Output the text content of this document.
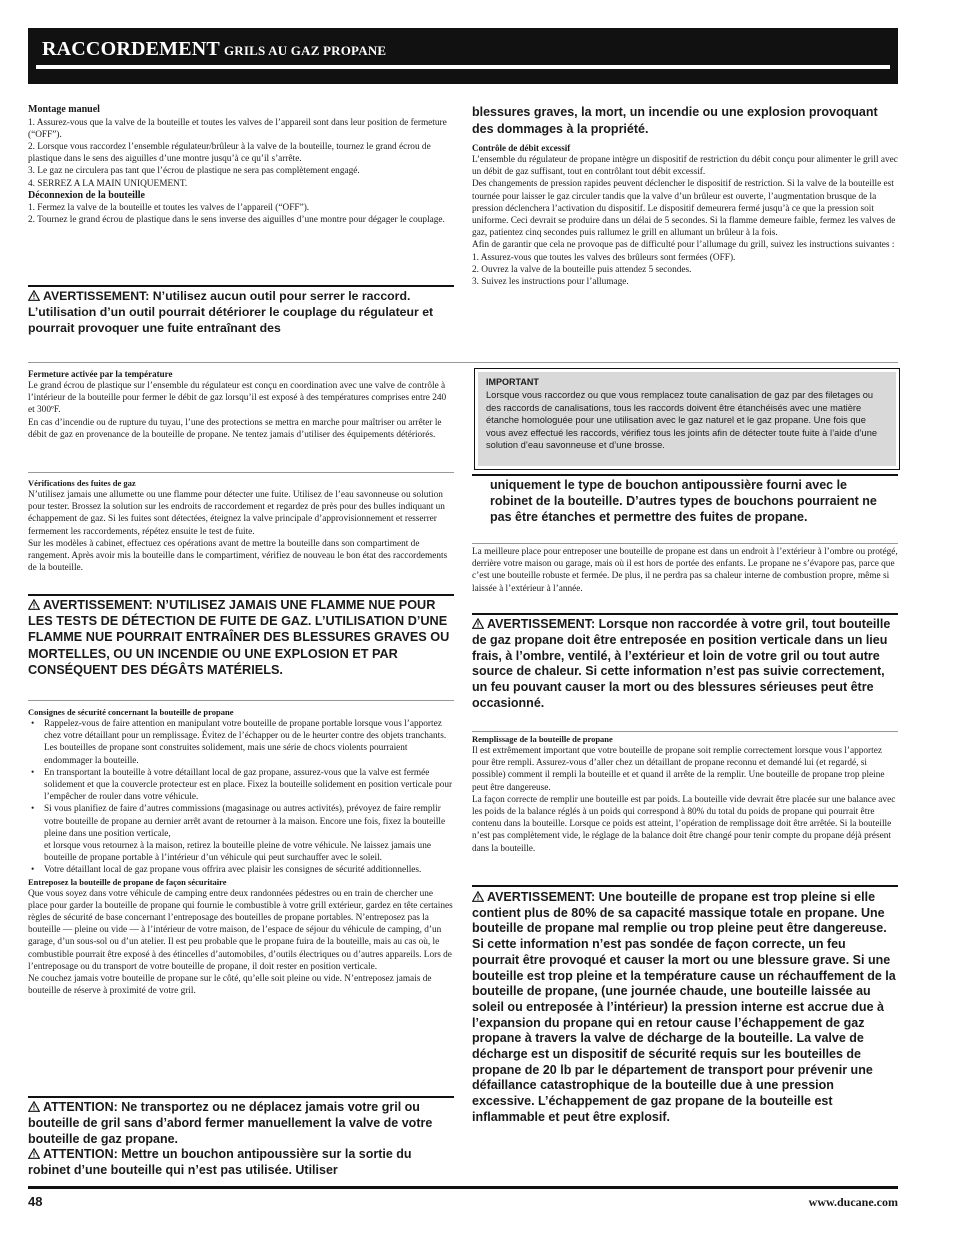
RACCORDEMENT GRILS AU GAZ PROPANE

Montage manuel

1. Assurez-vous que la valve de la bouteille et toutes les valves de l’appareil sont dans leur position de fermeture (“OFF”).

2. Lorsque vous raccordez l’ensemble régulateur/brûleur à la valve de la bouteille, tournez le grand écrou de plastique dans le sens des aiguilles d’une montre jusqu’à ce qu’il s’arrête.

3. Le gaz ne circulera pas tant que l’écrou de plastique ne sera pas complètement engagé.

4. SERREZ A LA MAIN UNIQUEMENT.

Déconnexion de la bouteille

1. Fermez la valve de la bouteille et toutes les valves de l’appareil (“OFF”).

2. Tournez le grand écrou de plastique dans le sens inverse des aiguilles d’une montre pour dégager le couplage.

AVERTISSEMENT: N’utilisez aucun outil pour serrer le raccord. L’utilisation d’un outil pourrait détériorer le couplage du régulateur et pourrait provoquer une fuite entraînant des

blessures graves, la mort, un incendie ou une explosion provoquant des dommages à la propriété.

Contrôle de débit excessif

L’ensemble du régulateur de propane intègre un dispositif de restriction du débit conçu pour alimenter le grill avec un débit de gaz suffisant, tout en contrôlant tout débit excessif.

Des changements de pression rapides peuvent déclencher le dispositif de restriction. Si la valve de la bouteille est tournée pour laisser le gaz circuler tandis que la valve d’un brûleur est ouverte, l’augmentation brusque de la pression déclenchera l’activation du dispositif. Le dispositif demeurera fermé jusqu’à ce que la pression soit uniforme. Ceci devrait se produire dans un délai de 5 secondes. Si la flamme demeure faible, fermez les valves de gaz, patientez cinq secondes puis rallumez le grill en allumant un brûleur à la fois.

Afin de garantir que cela ne provoque pas de difficulté pour l’allumage du grill, suivez les instructions suivantes :

1. Assurez-vous que toutes les valves des brûleurs sont fermées (OFF).

2. Ouvrez la valve de la bouteille puis attendez 5 secondes.

3. Suivez les instructions pour l’allumage.

Fermeture activée par la température

Le grand écrou de plastique sur l’ensemble du régulateur est conçu en coordination avec une valve de contrôle à l’intérieur de la bouteille pour fermer le débit de gaz lorsqu’il est exposé à des températures comprises entre 240 et 300ºF.

En cas d’incendie ou de rupture du tuyau, l’une des protections se mettra en marche pour maîtriser ou arrêter le débit de gaz en provenance de la bouteille de propane. Ne tentez jamais d’utiliser des équipements détériorés.

IMPORTANT

Lorsque vous raccordez ou que vous remplacez toute canalisation de gaz par des filetages ou des raccords de canalisations, tous les raccords doivent être étanchéisés avec une matière étanche homologuée pour une utilisation avec le gaz naturel et le gaz propane. Une fois que vous avez effectué les raccords, vérifiez tous les joints afin de détecter toute fuite à l’aide d’une solution d’eau savonneuse et d’une brosse.

Vérifications des fuites de gaz

N’utilisez jamais une allumette ou une flamme pour détecter une fuite. Utilisez de l’eau savonneuse ou solution pour tester. Brossez la solution sur les endroits de raccordement et regardez de près pour des bulles indiquant un échappement de gaz. Si les fuites sont détectées, éteignez la valve principale d’approvisionnement et resserrer fermement les raccordements, répétez ensuite le test de fuite.

Sur les modèles à cabinet, effectuez ces opérations avant de mettre la bouteille dans son compartiment de rangement. Après avoir mis la bouteille dans le compartiment, vérifiez de nouveau le bon état des raccordements de la bouteille.

uniquement le type de bouchon antipoussière fourni avec le robinet de la bouteille. D’autres types de bouchons pourraient ne pas être étanches et permettre des fuites de propane.

La meilleure place pour entreposer une bouteille de propane est dans un endroit à l’extérieur à l’ombre ou protégé, derrière votre maison ou garage, mais où il est hors de portée des enfants. Le propane ne s’évapore pas, parce que c’est une bouteille robuste et fermée. De plus, il ne perdra pas sa chaleur interne de combustion propre, même si laissée à l’extérieur à l’année.

AVERTISSEMENT: N’UTILISEZ JAMAIS UNE FLAMME NUE POUR LES TESTS DE DÉTECTION DE FUITE DE GAZ. L’UTILISATION D’UNE FLAMME NUE POURRAIT ENTRAÎNER DES BLESSURES GRAVES OU MORTELLES, OU UN INCENDIE OU UNE EXPLOSION ET PAR CONSÉQUENT DES DÉGÂTS MATÉRIELS.

AVERTISSEMENT: Lorsque non raccordée à votre gril, tout bouteille de gaz propane doit être entreposée en position verticale dans un lieu frais, à l’ombre, ventilé, à l’extérieur et loin de votre gril ou tout autre source de chaleur. Si cette information n’est pas suivie correctement, un feu pouvant causer la mort ou des blessures sérieuses peut être occasionné.

Consignes de sécurité concernant la bouteille de propane

• Rappelez-vous de faire attention en manipulant votre bouteille de propane portable lorsque vous l’apportez chez votre détaillant pour un remplissage. Évitez de l’échapper ou de le heurter contre des objets tranchants. Les bouteilles de propane sont construites solidement, mais une série de chocs violents pourraient endommager la bouteille.
• En transportant la bouteille à votre détaillant local de gaz propane, assurez-vous que la valve est fermée solidement et que la couvercle protecteur est en place. Fixez la bouteille solidement en position verticale pour l’empêcher de rouler dans votre véhicule.
• Si vous planifiez de faire d’autres commissions (magasinage ou autres activités), prévoyez de faire remplir votre bouteille de propane au dernier arrêt avant de retourner à la maison. Encore une fois, fixez la bouteille pleine dans une position verticale,
et lorsque vous retournez à la maison, retirez la bouteille pleine de votre véhicule. Ne laissez jamais une bouteille de propane portable à l’intérieur d’un véhicule qui peut surchauffer avec le soleil.
• Votre détaillant local de gaz propane vous offrira avec plaisir les consignes de sécurité additionnelles.

Entreposez la bouteille de propane de façon sécuritaire

Que vous soyez dans votre véhicule de camping entre deux randonnées pédestres ou en train de chercher une place pour garder la bouteille de propane qui fournie le combustible à votre grill extérieur, gardez en tête certaines règles de sécurité de base concernant l’entreposage des bouteilles de propane portables. N’entreposez pas la bouteille — pleine ou vide — à l’intérieur de votre maison, de l’espace de séjour du véhicule de camping, d’un garage, d’un sous-sol ou d’un atelier. Il est peu probable que le propane fuira de la bouteille, mais au cas où, le combustible pourrait être exposé à des étincelles d’automobiles, d’outils électriques ou d’autres appareils. Lors de l’entreposage ou du transport de votre bouteille de propane, il doit rester en position verticale.

Ne couchez jamais votre bouteille de propane sur le côté, qu’elle soit pleine ou vide. N’entreposez jamais de bouteille de réserve à proximité de votre gril.

Remplissage de la bouteille de propane

Il est extrêmement important que votre bouteille de propane soit remplie correctement lorsque vous l’apportez pour être rempli. Assurez-vous d’aller chez un détaillant de propane reconnu et demandé lui (et regardé, si possible) comment il rempli la bouteille et et quand il arrête de la remplir. Une bouteille de propane trop pleine peut être dangereuse.

La façon correcte de remplir une bouteille est par poids. La bouteille vide devrait être placée sur une balance avec les poids de la balance réglés à un poids qui correspond à 80% du total du poids de propane qui pourrait être contenu dans la bouteille. Lorsque ce poids est atteint, l’opération de remplissage doit être arrêtée. Si la bouteille n’est pas complètement vide, le réglage de la balance doit être changé pour tenir compte du propane déjà présent dans la bouteille.

AVERTISSEMENT: Une bouteille de propane est trop pleine si elle contient plus de 80% de sa capacité massique totale en propane. Une bouteille de propane mal remplie ou trop pleine peut être dangereuse. Si cette information n’est pas sondée de façon correcte, un feu pourrait être provoqué et causer la mort ou une blessure grave. Si une bouteille est trop pleine et la température cause un réchauffement de la bouteille de propane, (une journée chaude, une bouteille laissée au soleil ou entreposée à l’intérieur) la pression interne est accrue due à l’expansion du propane qui en retour cause l’échappement de gaz propane à travers la valve de décharge de la bouteille. La valve de décharge est un dispositif de sécurité requis sur les bouteilles de propane de 20 lb par le département de transport pour prévenir une défaillance catastrophique de la bouteille due à une pression excessive. L’échappement de gaz propane de la bouteille est inflammable et peut être explosif.

ATTENTION: Ne transportez ou ne déplacez jamais votre gril ou bouteille de gril sans d’abord fermer manuellement la valve de votre bouteille de gaz propane.

ATTENTION: Mettre un bouchon antipoussière sur la sortie du robinet d’une bouteille qui n’est pas utilisée. Utiliser

48	www.ducane.com
